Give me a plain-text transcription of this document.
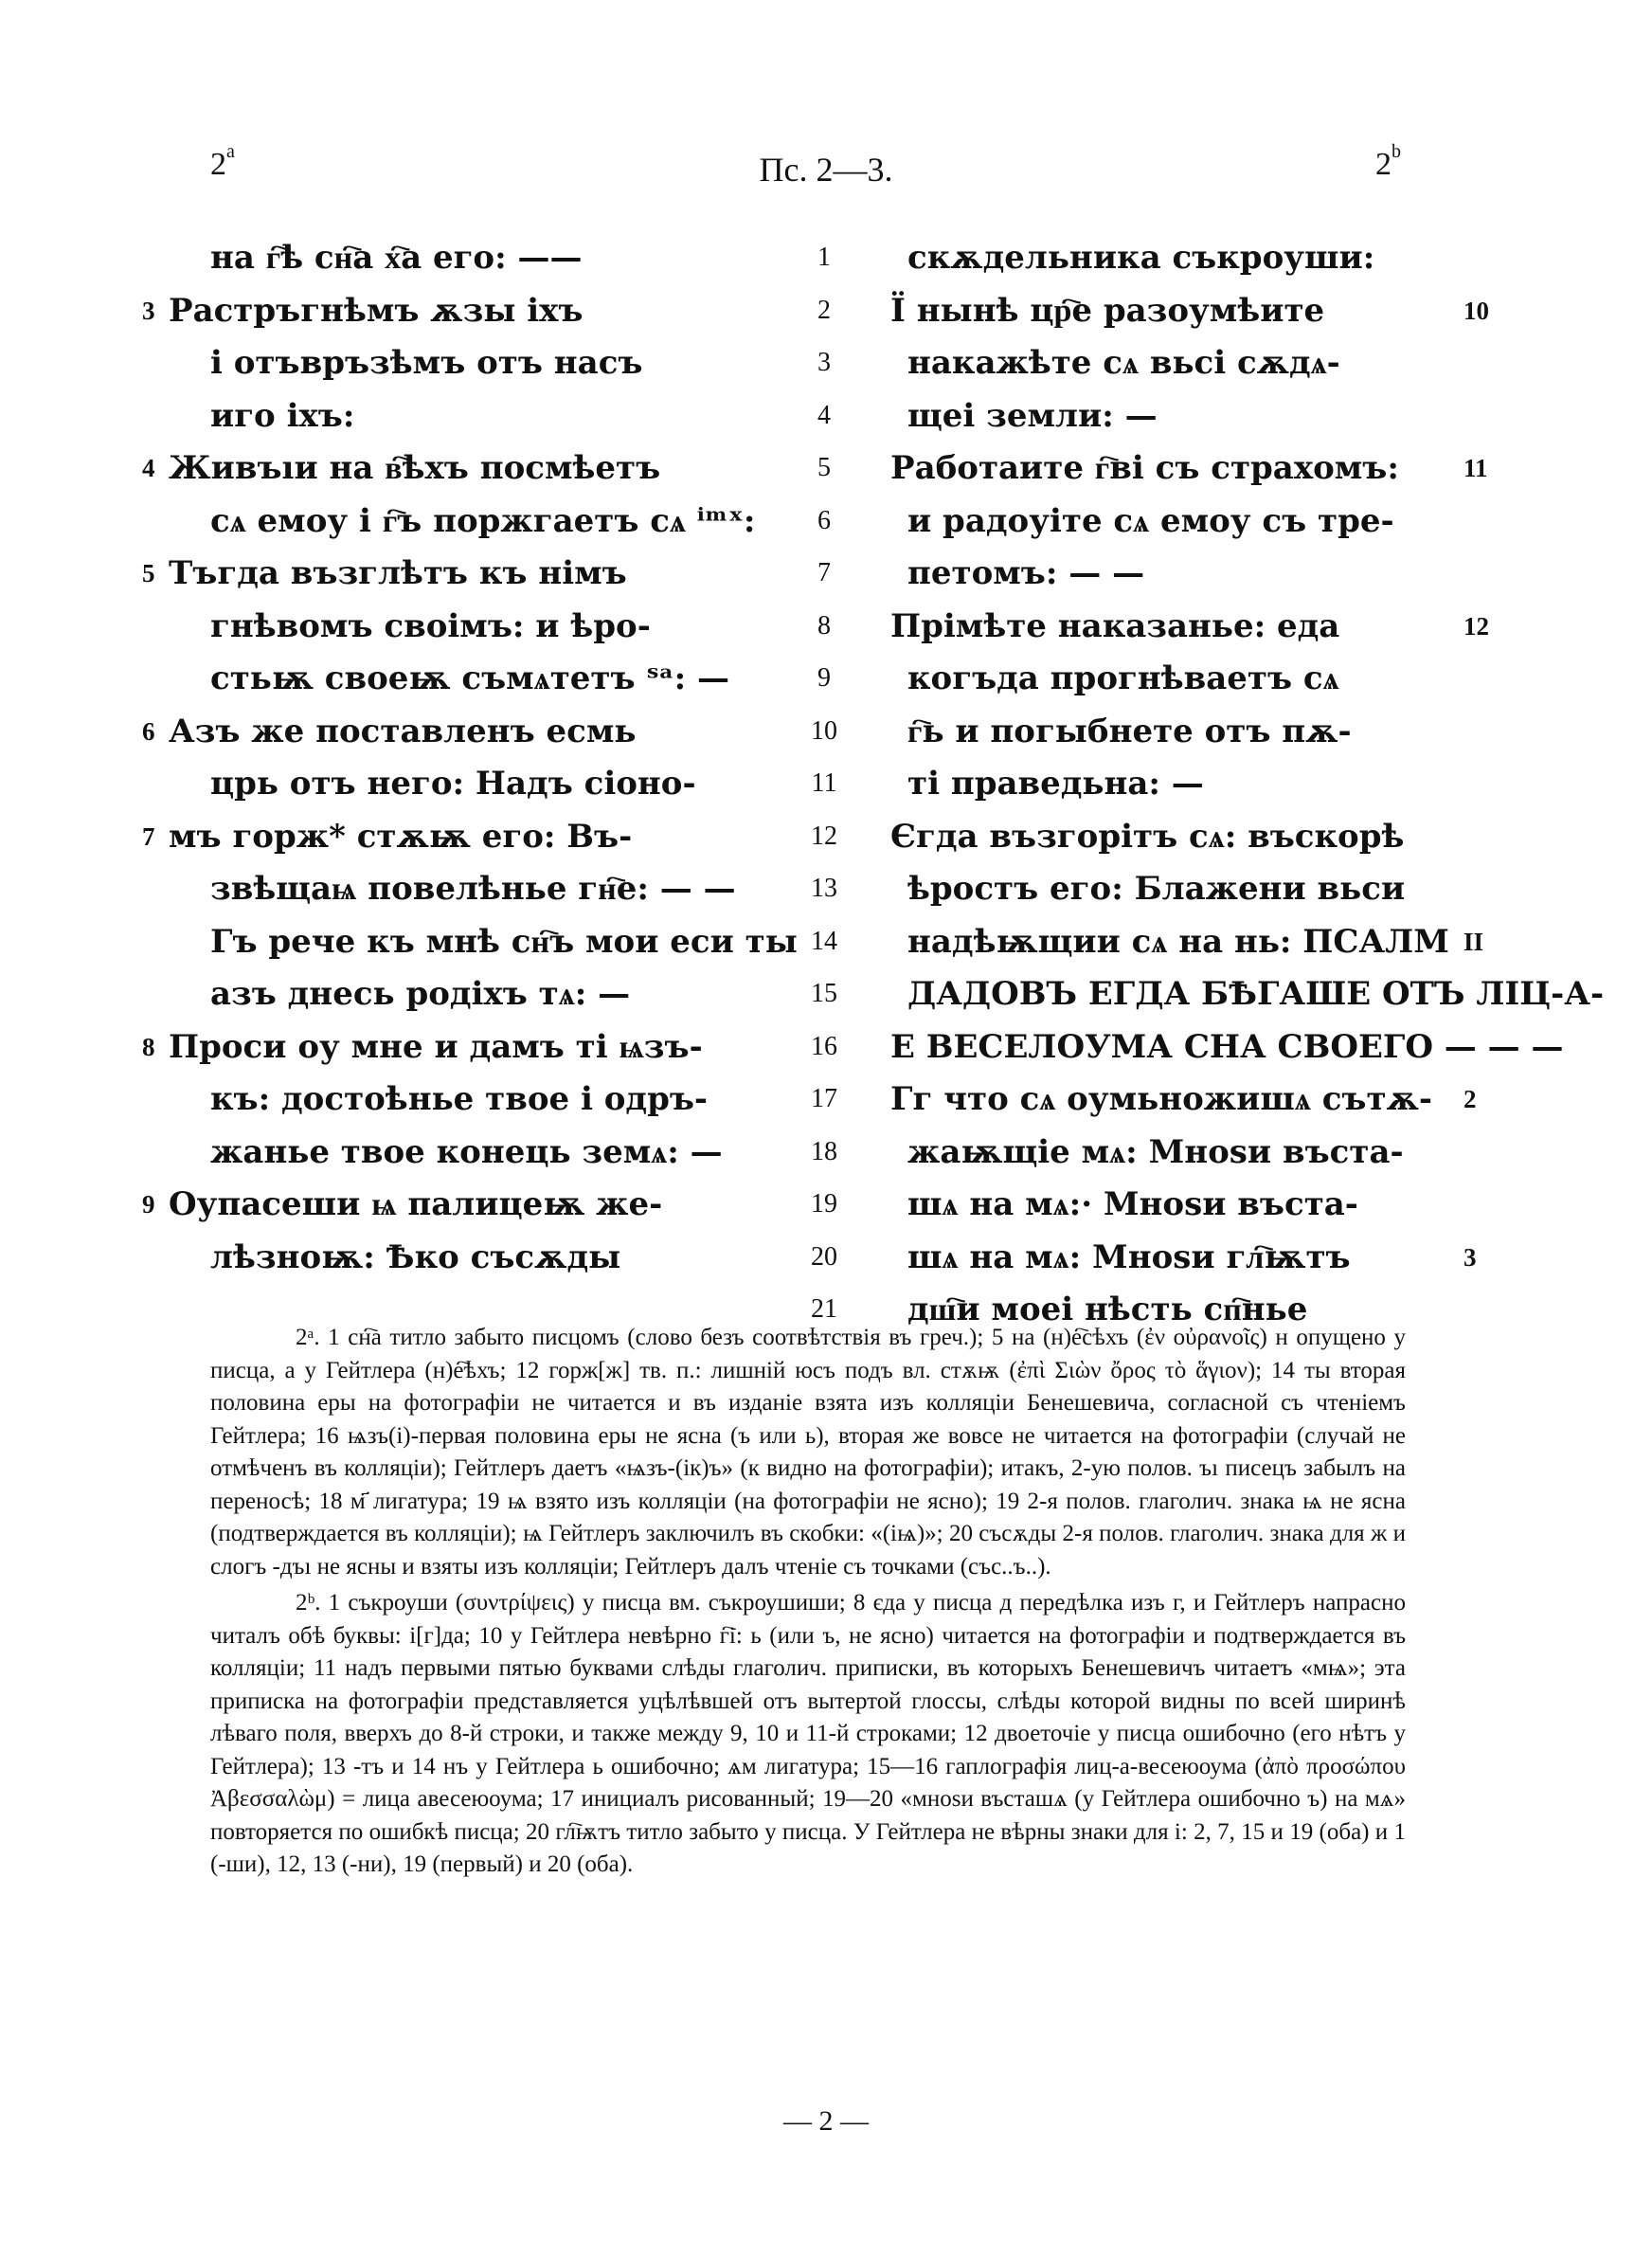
2$^a$	Пс. 2—3.	2$^b$
на г҇ѣ сн҇а х҇а его: ——	1	скѫдельника съкроуши:
3 Растръгнѣмъ ѫзы іхъ	2	Ї нынѣ цр҇е разоумѣите	10
і отъвръзѣмъ отъ насъ	3	накажѣте сѧ вьсі сѫдѧ-
иго іхъ:	4	щеі земли: —
4 Живъıи на в҇ѣхъ посмѣетъ	5	Работаите г҇ві съ страхомъ:	11
сѧ емоу і г҇ъ поржгаетъ сѧ ⁱᵐˣ:	6	и радоуіте сѧ емоу съ тре-
5 Тъгда възглѣтъ къ німъ	7	петомъ: — —
гнѣвомъ своімъ: и ѣро-	8	Прімѣте наказанье: еда	12
стьѭ своеѭ съмѧтетъ ˢᵃ: —	9	когъда прогнѣваетъ сѧ
6 Азъ же поставленъ есмь	10	г҇ь и погыбнете отъ пѫ-
црь отъ него: Надъ сіоно-	11	ті праведьна: —
7 мъ горж* стѫѭ его: Въ-	12	Єгда възгорітъ сѧ: въскорѣ
звѣщаѩ повелѣнье гн҇е: — —	13	ѣростъ его: Блажени вьси
Гъ рече къ мнѣ сн҇ъ мои еси ты 14	надѣѭщии сѧ на нь: ПСАЛМ II
азъ днесь родіхъ тѧ: —	15	ДАДОВЪ ЕГДА БѢГАШЕ ОТЪ ЛІЦ-А-
8 Проси оу мне и дамъ ті ѩзъ-	16	Е ВЕСЕЛОУМА СНА СВОЕГО — — —
къ: достоѣнье твое і одръ-	17	Гг что сѧ оумьножишѧ сътѫ- 2
жанье твое конець земѧ: —	18	жаѭщіе мѧ: Мноѕи въста-
9 Оупасеши ѩ палицеѭ же-	19	шѧ на мѧ:· Мноѕи въста-
лѣзноѭ: Ѣко съсѫды	20	шѧ на мѧ: Мноѕи гл҇ѭтъ	3
21	дш҇и моеі нѣсть сп҇нье

2ᵃ. 1 сн҇а титло забыто писцомъ (слово безъ соотвѣтствія въ греч.); 5 на (н)е҇сѣхъ (ἐν οὐρανοῖς) н опущено у писца, а у Гейтлера (н)е҇ѣхъ; 12 горж[ж] тв. п.: лишній юсъ подъ вл. стѫѭ (ἐπὶ Σιὼν ὄρος τὸ ἅγιον); 14 ты вторая половина еры на фотографіи не читается и въ изданіе взята изъ колляціи Бенешевича, согласной съ чтеніемъ Гейтлера; 16 ѩзъ(і)-первая половина еры не ясна (ъ или ь), вторая же вовсе не читается на фотографіи (случай не отмѣченъ въ колляціи); Гейтлеръ даетъ «ѩзъ-(ік)ъ» (к видно на фотографіи); итакъ, 2-ую полов. ъı писецъ забылъ на переносѣ; 18 м҃ лигатура; 19 ѩ взято изъ колляціи (на фотографіи не ясно); 19 2-я полов. глаголич. знака ѩ не ясна (подтверждается въ колляціи); ѩ Гейтлеръ заключилъ въ скобки: «(іѩ)»; 20 съсѫды 2-я полов. глаголич. знака для ж и слогъ -дъı не ясны и взяты изъ колляціи; Гейтлеръ далъ чтеніе съ точками (със..ъ..).

2ᵇ. 1 съкроуши (συντρίψεις) у писца вм. съкроушиши; 8 єда у писца д передѣлка изъ г, и Гейтлеръ напрасно читалъ обѣ буквы: і[г]да; 10 у Гейтлера невѣрно г҇і: ь (или ъ, не ясно) читается на фотографіи и подтверждается въ колляціи; 11 надъ первыми пятью буквами слѣды глаголич. приписки, въ которыхъ Бенешевичъ читаетъ «мѩ»; эта приписка на фотографіи представляется уцѣлѣвшей отъ вытертой глоссы, слѣды которой видны по всей ширинѣ лѣваго поля, вверхъ до 8-й строки, и также между 9, 10 и 11-й строками; 12 двоеточіе у писца ошибочно (его нѣтъ у Гейтлера); 13 -тъ и 14 нъ у Гейтлера ь ошибочно; ѧм лигатура; 15—16 гаплографія лиц-а-весеюоума (ἀπὸ προσώπου Ἀβεσσαλὼμ) = лица авесеюоума; 17 инициалъ рисованный; 19—20 «мноѕи въсташѧ (у Гейтлера ошибочно ъ) на мѧ» повторяется по ошибкѣ писца; 20 гл҇ѭтъ титло забыто у писца. У Гейтлера не вѣрны знаки для і: 2, 7, 15 и 19 (оба) и 1 (-ши), 12, 13 (-ни), 19 (первый) и 20 (оба).

— 2 —
